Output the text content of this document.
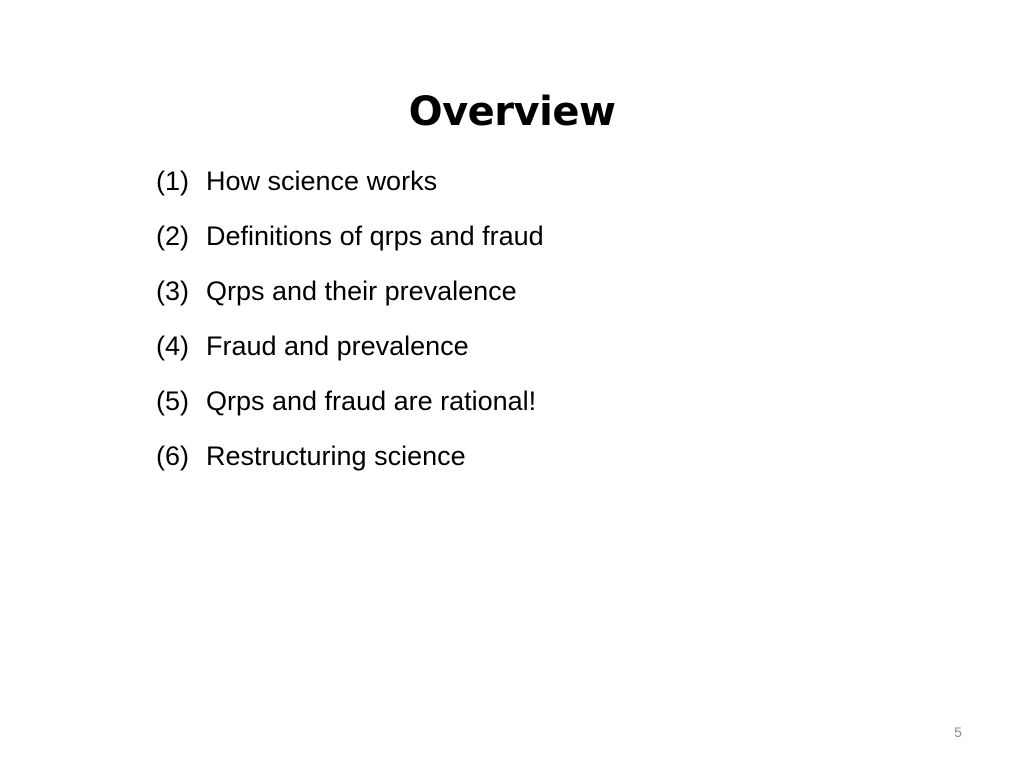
Overview
(1) How science works
(2) Definitions of qrps and fraud
(3) Qrps and their prevalence
(4) Fraud and prevalence
(5) Qrps and fraud are rational!
(6) Restructuring science
5
